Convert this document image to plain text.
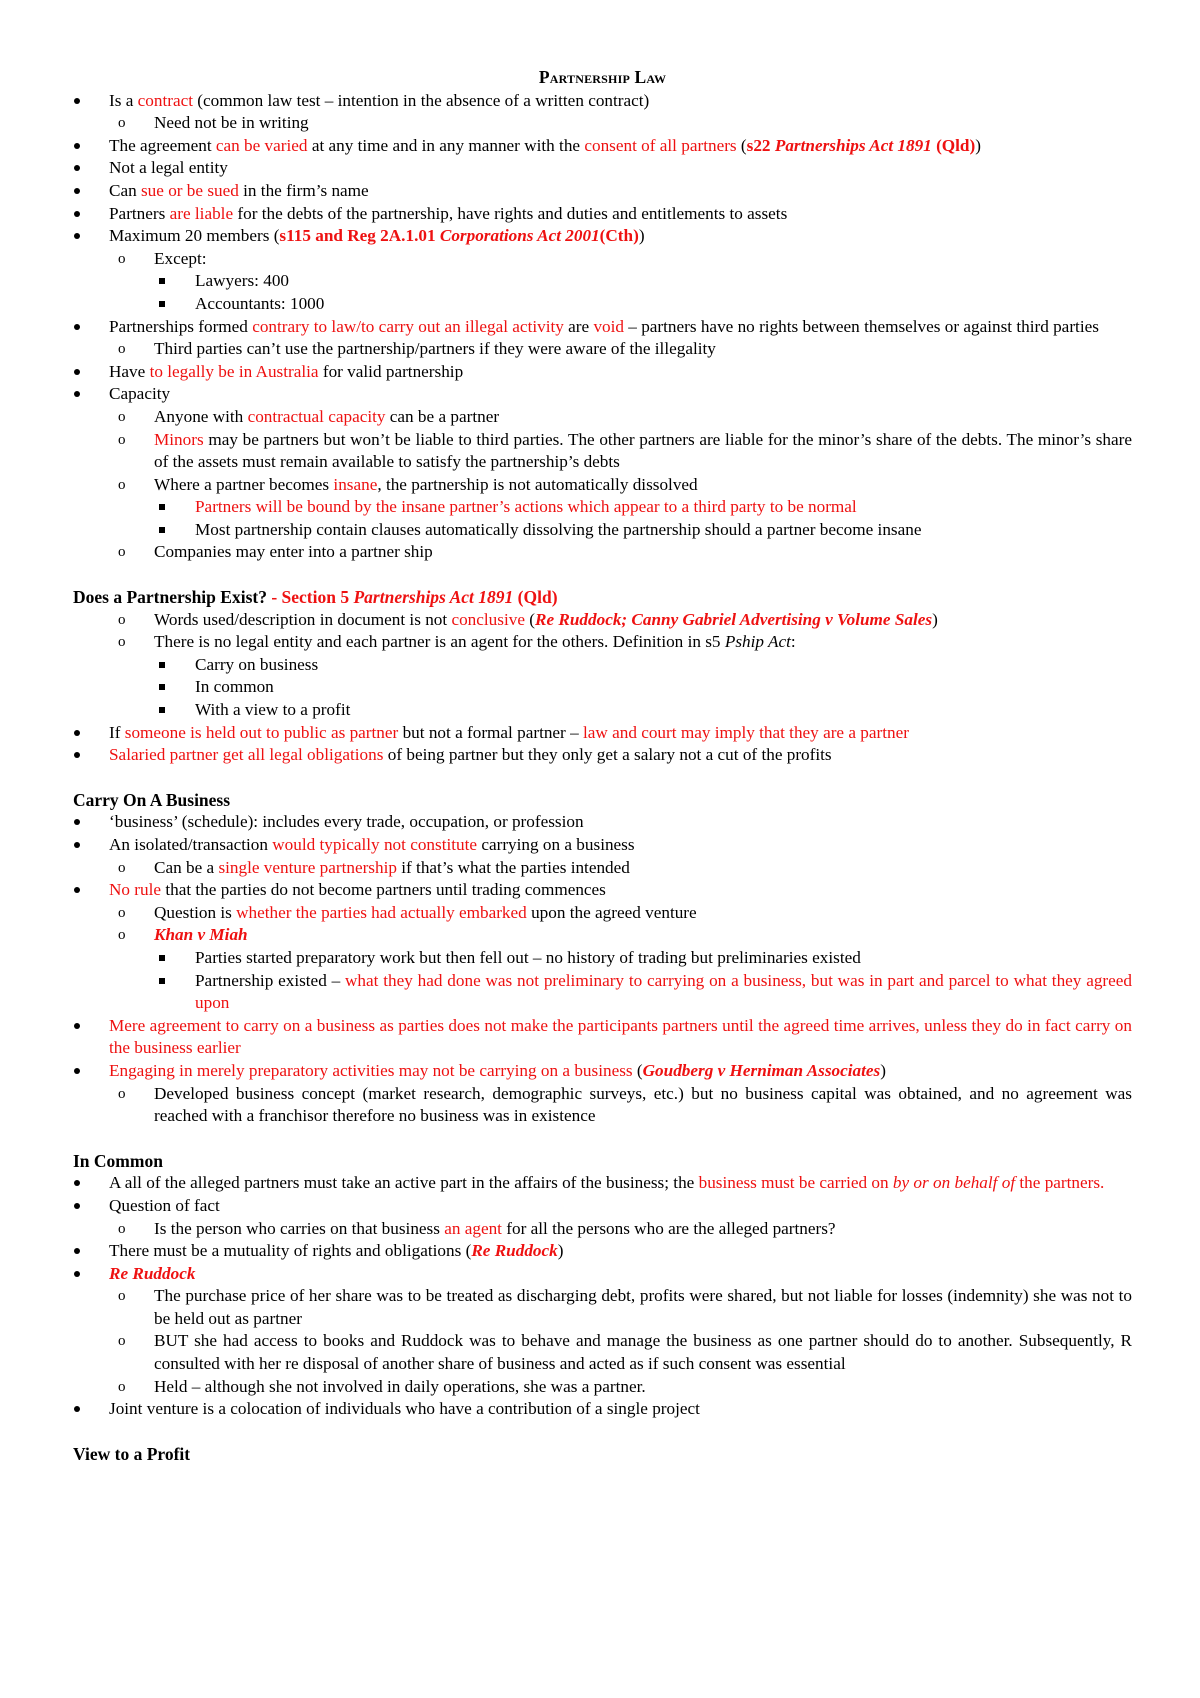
Partnership Law
Is a contract (common law test – intention in the absence of a written contract)
o Need not be in writing
The agreement can be varied at any time and in any manner with the consent of all partners (s22 Partnerships Act 1891 (Qld))
Not a legal entity
Can sue or be sued in the firm’s name
Partners are liable for the debts of the partnership, have rights and duties and entitlements to assets
Maximum 20 members (s115 and Reg 2A.1.01 Corporations Act 2001(Cth))
o Except:
Lawyers: 400
Accountants: 1000
Partnerships formed contrary to law/to carry out an illegal activity are void – partners have no rights between themselves or against third parties
o Third parties can’t use the partnership/partners if they were aware of the illegality
Have to legally be in Australia for valid partnership
Capacity
o Anyone with contractual capacity can be a partner
o Minors may be partners but won’t be liable to third parties. The other partners are liable for the minor’s share of the debts. The minor’s share of the assets must remain available to satisfy the partnership’s debts
o Where a partner becomes insane, the partnership is not automatically dissolved
Partners will be bound by the insane partner’s actions which appear to a third party to be normal
Most partnership contain clauses automatically dissolving the partnership should a partner become insane
o Companies may enter into a partner ship
Does a Partnership Exist? - Section 5 Partnerships Act 1891 (Qld)
o Words used/description in document is not conclusive (Re Ruddock; Canny Gabriel Advertising v Volume Sales)
o There is no legal entity and each partner is an agent for the others. Definition in s5 Pship Act:
Carry on business
In common
With a view to a profit
If someone is held out to public as partner but not a formal partner – law and court may imply that they are a partner
Salaried partner get all legal obligations of being partner but they only get a salary not a cut of the profits
Carry On A Business
‘business’ (schedule): includes every trade, occupation, or profession
An isolated/transaction would typically not constitute carrying on a business
o Can be a single venture partnership if that’s what the parties intended
No rule that the parties do not become partners until trading commences
o Question is whether the parties had actually embarked upon the agreed venture
o Khan v Miah
Parties started preparatory work but then fell out – no history of trading but preliminaries existed
Partnership existed – what they had done was not preliminary to carrying on a business, but was in part and parcel to what they agreed upon
Mere agreement to carry on a business as parties does not make the participants partners until the agreed time arrives, unless they do in fact carry on the business earlier
Engaging in merely preparatory activities may not be carrying on a business (Goudberg v Herniman Associates)
o Developed business concept (market research, demographic surveys, etc.) but no business capital was obtained, and no agreement was reached with a franchisor therefore no business was in existence
In Common
A all of the alleged partners must take an active part in the affairs of the business; the business must be carried on by or on behalf of the partners.
Question of fact
o Is the person who carries on that business an agent for all the persons who are the alleged partners?
There must be a mutuality of rights and obligations (Re Ruddock)
Re Ruddock
o The purchase price of her share was to be treated as discharging debt, profits were shared, but not liable for losses (indemnity) she was not to be held out as partner
o BUT she had access to books and Ruddock was to behave and manage the business as one partner should do to another. Subsequently, R consulted with her re disposal of another share of business and acted as if such consent was essential
o Held – although she not involved in daily operations, she was a partner.
Joint venture is a colocation of individuals who have a contribution of a single project
View to a Profit
